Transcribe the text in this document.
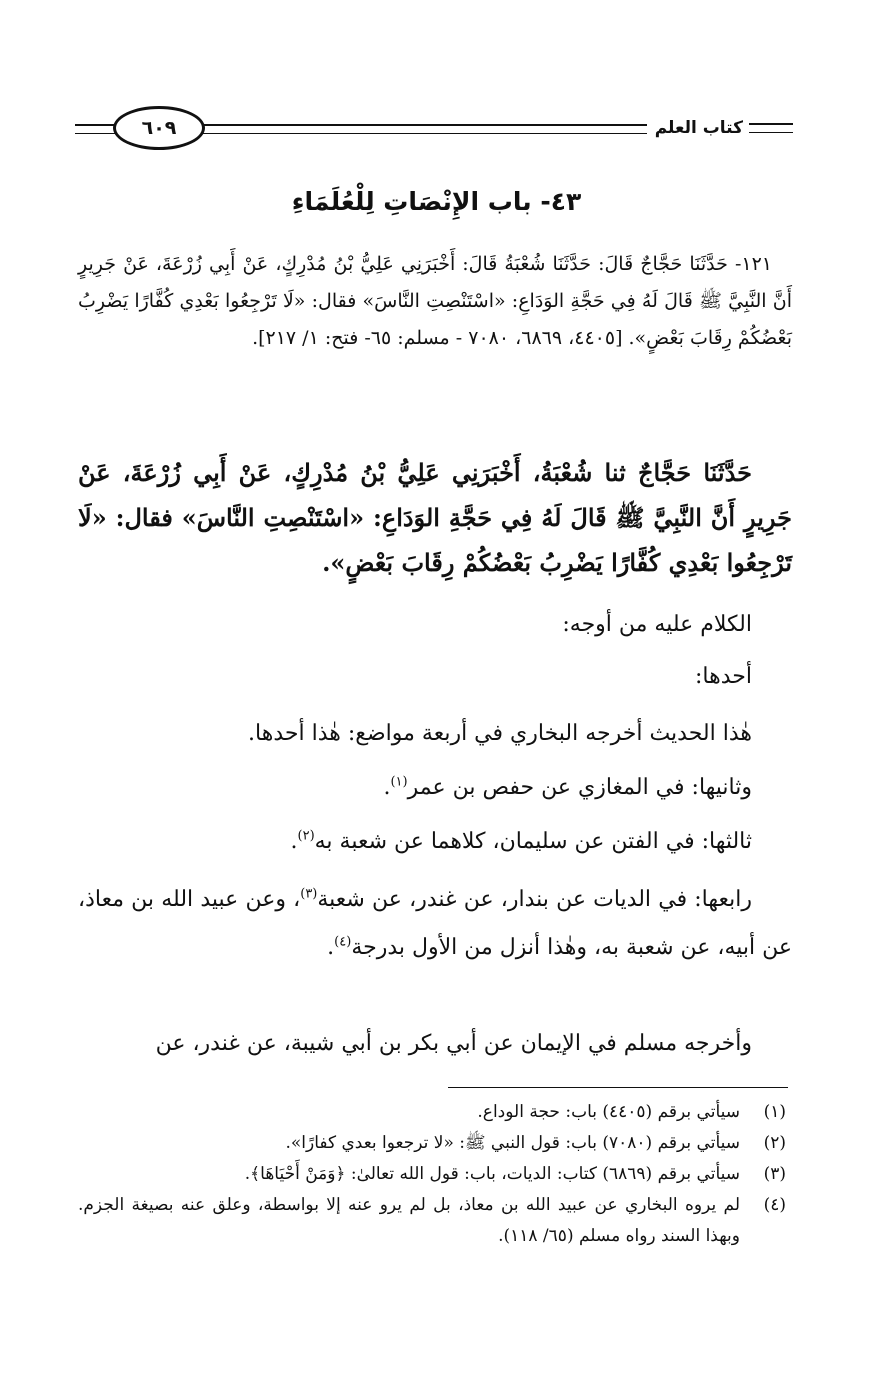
كتاب العلم
٦٠٩
٤٣- باب الإِنْصَاتِ لِلْعُلَمَاءِ
١٢١- حَدَّثَنَا حَجَّاجٌ قَالَ: حَدَّثَنَا شُعْبَةُ قَالَ: أَخْبَرَنِي عَلِيُّ بْنُ مُدْرِكٍ، عَنْ أَبِي زُرْعَةَ، عَنْ جَرِيرٍ أَنَّ النَّبِيَّ ﷺ قَالَ لَهُ فِي حَجَّةِ الوَدَاعِ: «اسْتَنْصِتِ النَّاسَ» فقال: «لَا تَرْجِعُوا بَعْدِي كُفَّارًا يَضْرِبُ بَعْضُكُمْ رِقَابَ بَعْضٍ». [٤٤٠٥، ٦٨٦٩، ٧٠٨٠ - مسلم: ٦٥- فتح: ١/ ٢١٧].
حَدَّثَنَا حَجَّاجٌ ثنا شُعْبَةُ، أَخْبَرَنِي عَلِيُّ بْنُ مُدْرِكٍ، عَنْ أَبِي زُرْعَةَ، عَنْ جَرِيرٍ أَنَّ النَّبِيَّ ﷺ قَالَ لَهُ فِي حَجَّةِ الوَدَاعِ: «اسْتَنْصِتِ النَّاسَ» فقال: «لَا تَرْجِعُوا بَعْدِي كُفَّارًا يَضْرِبُ بَعْضُكُمْ رِقَابَ بَعْضٍ».
الكلام عليه من أوجه:
أحدها:
هٰذا الحديث أخرجه البخاري في أربعة مواضع: هٰذا أحدها.
وثانيها: في المغازي عن حفص بن عمر$^{(١)}$.
ثالثها: في الفتن عن سليمان، كلاهما عن شعبة به$^{(٢)}$.
رابعها: في الديات عن بندار، عن غندر، عن شعبة$^{(٣)}$، وعن عبيد الله بن معاذ، عن أبيه، عن شعبة به، وهٰذا أنزل من الأول بدرجة$^{(٤)}$.
وأخرجه مسلم في الإيمان عن أبي بكر بن أبي شيبة، عن غندر، عن
(١)
سيأتي برقم (٤٤٠٥) باب: حجة الوداع.
(٢)
سيأتي برقم (٧٠٨٠) باب: قول النبي ﷺ: «لا ترجعوا بعدي كفارًا».
(٣)
سيأتي برقم (٦٨٦٩) كتاب: الديات، باب: قول الله تعالىٰ: ﴿وَمَنْ أَحْيَاهَا﴾.
(٤)
لم يروه البخاري عن عبيد الله بن معاذ، بل لم يرو عنه إلا بواسطة، وعلق عنه بصيغة الجزم. وبهذا السند رواه مسلم (٦٥/ ١١٨).
